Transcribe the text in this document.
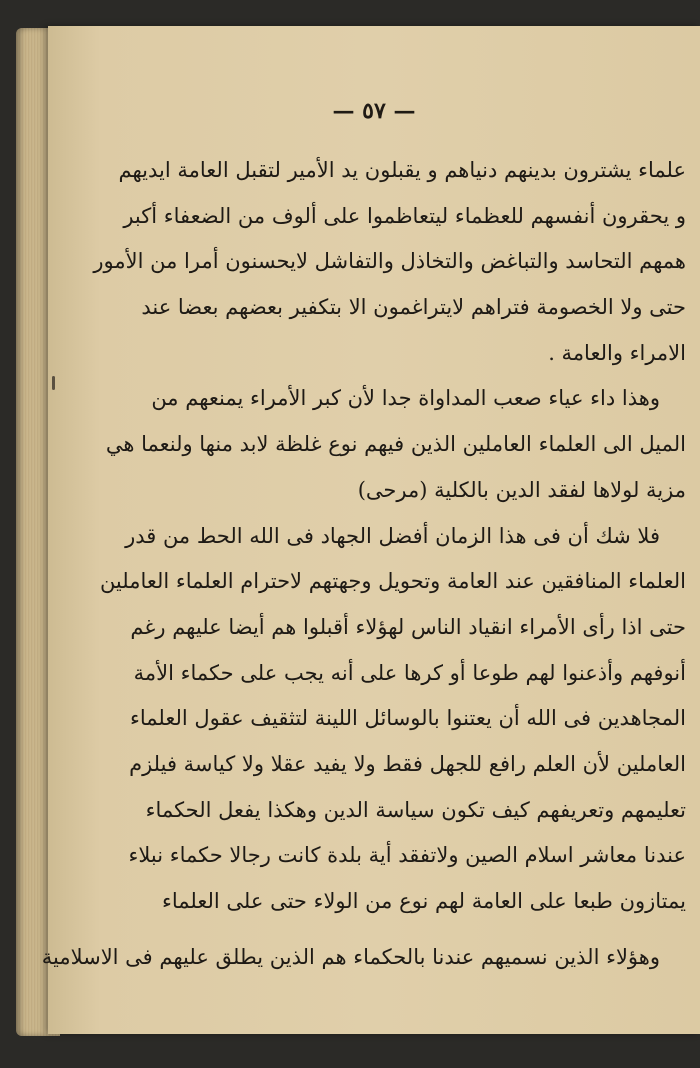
— ٥٧ —
علماء يشترون بدينهم دنياهم و يقبلون يد الأمير لتقبل العامة ايديهم
و يحقرون أنفسهم للعظماء ليتعاظموا على ألوف من الضعفاء أكبر
همهم التحاسد والتباغض والتخاذل والتفاشل لايحسنون أمرا من الأمور
حتى ولا الخصومة فتراهم لايتراغمون الا بتكفير بعضهم بعضا عند
الامراء والعامة .
وهذا داء عياء صعب المداواة جدا لأن كبر الأمراء يمنعهم من
الميل الى العلماء العاملين الذين فيهم نوع غلظة لابد منها ولنعما هي
مزية لولاها لفقد الدين بالكلية (مرحى)
فلا شك أن فى هذا الزمان أفضل الجهاد فى الله الحط من قدر
العلماء المنافقين عند العامة وتحويل وجهتهم لاحترام العلماء العاملين
حتى اذا رأى الأمراء انقياد الناس لهؤلاء أقبلوا هم أيضا عليهم رغم
أنوفهم وأذعنوا لهم طوعا أو كرها على أنه يجب على حكماء الأمة
المجاهدين فى الله أن يعتنوا بالوسائل اللينة لتثقيف عقول العلماء
العاملين لأن العلم رافع للجهل فقط ولا يفيد عقلا ولا كياسة فيلزم
تعليمهم وتعريفهم كيف تكون سياسة الدين وهكذا يفعل الحكماء
عندنا معاشر اسلام الصين ولاتفقد أية بلدة كانت رجالا حكماء نبلاء
يمتازون طبعا على العامة لهم نوع من الولاء حتى على العلماء
وهؤلاء الذين نسميهم عندنا بالحكماء هم الذين يطلق عليهم فى الاسلامية
